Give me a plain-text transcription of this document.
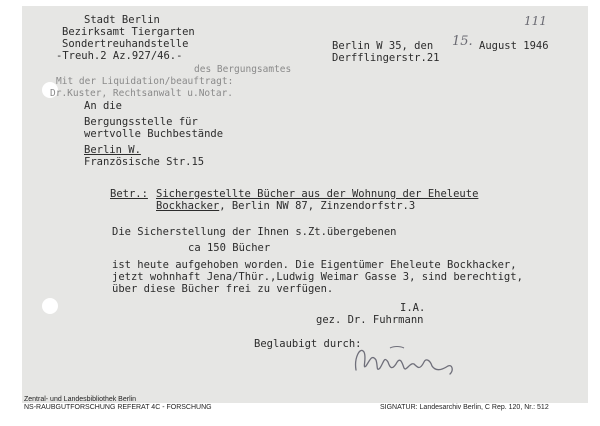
111
Stadt Berlin
Bezirksamt Tiergarten
Sondertreuhandstelle
-Treuh.2 Az.927/46.-
des Bergungsamtes
Mit der Liquidation/beauftragt:
Dr.Kuster, Rechtsanwalt u.Notar.
Berlin W 35, den 15. August 1946
Derfflingerstr.21
An die
Bergungsstelle für
wertvolle Buchbestände
Berlin W.
Französische Str.15
Betr.: Sichergestellte Bücher aus der Wohnung der Eheleute
Bockhacker, Berlin NW 87, Zinzendorfstr.3
Die Sicherstellung der Ihnen s.Zt.übergebenen
ca 150 Bücher
ist heute aufgehoben worden. Die Eigentümer Eheleute Bockhacker,
jetzt wohnhaft Jena/Thür.,Ludwig Weimar Gasse 3, sind berechtigt,
über diese Bücher frei zu verfügen.
I.A.
gez. Dr. Fuhrmann
Beglaubigt durch:
Zentral- und Landesbibliothek Berlin
NS-RAUBGUTFORSCHUNG REFERAT 4C - FORSCHUNG	SIGNATUR: Landesarchiv Berlin, C Rep. 120, Nr.: 512
